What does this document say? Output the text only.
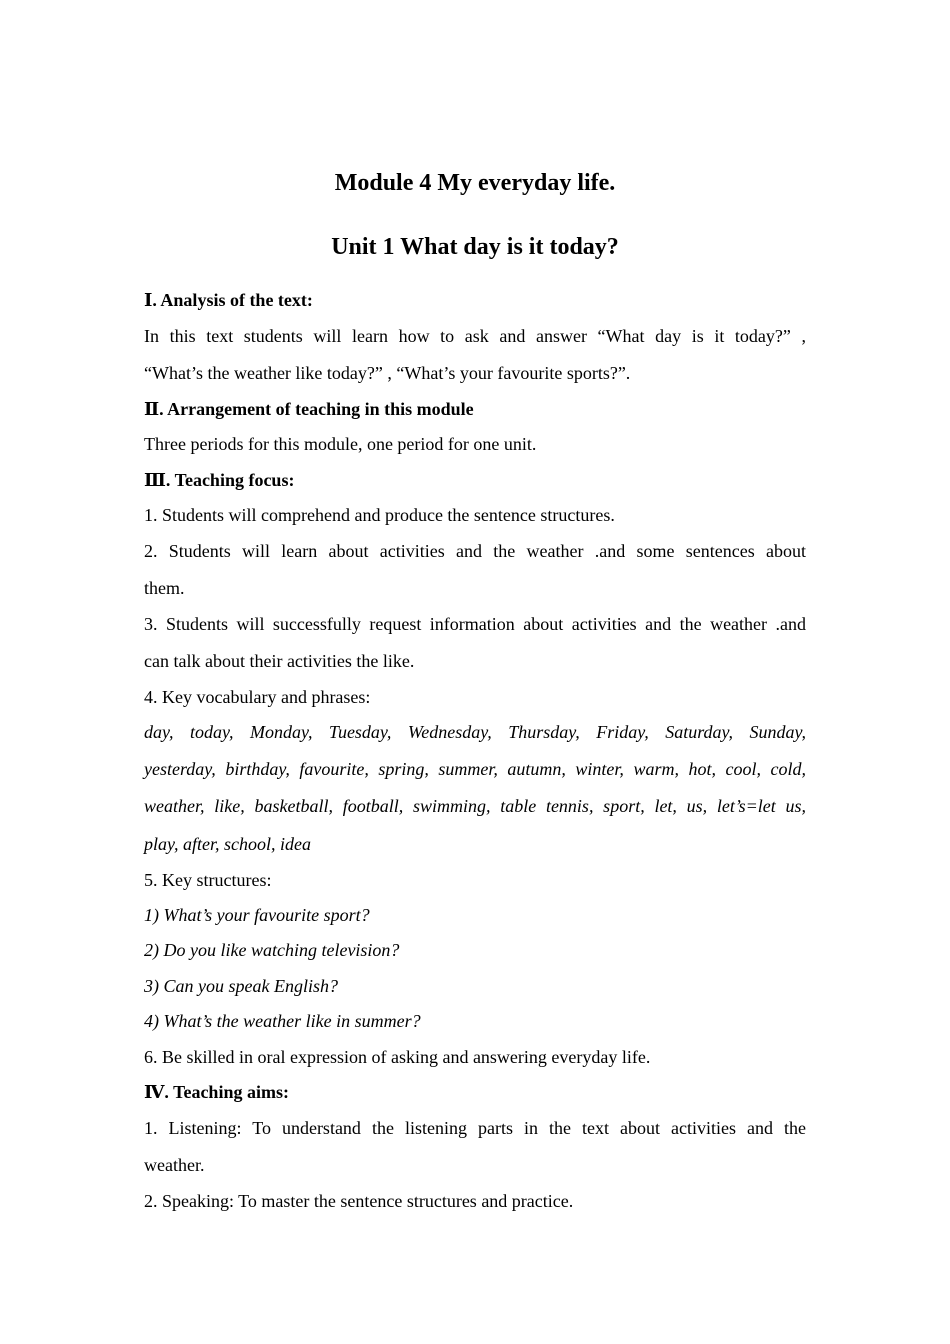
Module 4 My everyday life.
Unit 1 What day is it today?
Ⅰ. Analysis of the text:
In this text students will learn how to ask and answer “What day is it today?” ,
“What’s the weather like today?” , “What’s your favourite sports?”.
Ⅱ. Arrangement of teaching in this module
Three periods for this module, one period for one unit.
Ⅲ. Teaching focus:
1. Students will comprehend and produce the sentence structures.
2. Students will learn about activities and the weather .and some sentences about
them.
3. Students will successfully request information about activities and the weather .and
can talk about their activities the like.
4. Key vocabulary and phrases:
day, today, Monday, Tuesday, Wednesday, Thursday, Friday, Saturday, Sunday,
yesterday, birthday, favourite, spring, summer, autumn, winter, warm, hot, cool, cold,
weather, like, basketball, football, swimming, table tennis, sport, let, us, let’s=let us,
play, after, school, idea
5. Key structures:
1) What’s your favourite sport?
2) Do you like watching television?
3) Can you speak English?
4) What’s the weather like in summer?
6. Be skilled in oral expression of asking and answering everyday life.
Ⅳ. Teaching aims:
1. Listening: To understand the listening parts in the text about activities and the
weather.
2. Speaking: To master the sentence structures and practice.
